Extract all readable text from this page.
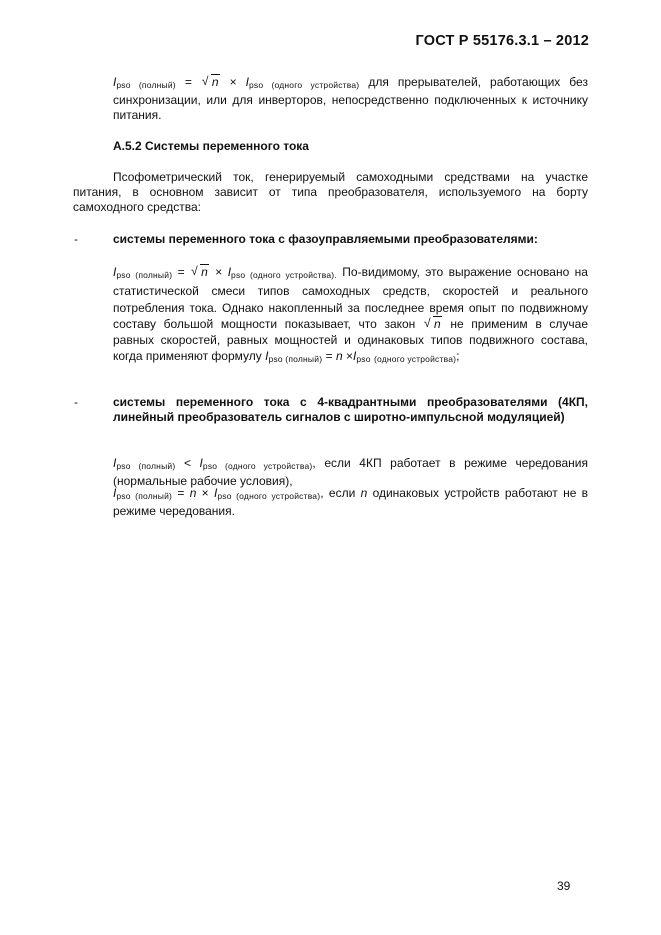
ГОСТ Р 55176.3.1 – 2012

$I_{pso (полный)}$ = √ $n \times I_{pso (одного устройства)}$ для прерывателей, работающих без синхронизации, или для инверторов, непосредственно подключенных к источнику питания.

А.5.2 Системы переменного тока

Псофометрический ток, генерируемый самоходными средствами на участке питания, в основном зависит от типа преобразователя, используемого на борту самоходного средства:

-	системы переменного тока с фазоуправляемыми преобразователями:

$I_{pso (полный)}$ = √ $n \times I_{pso (одного устройства).}$ По-видимому, это выражение основано на статистической смеси типов самоходных средств, скоростей и реального потребления тока. Однако накопленный за последнее время опыт по подвижному составу большой мощности показывает, что закон √ n не применим в случае равных скоростей, равных мощностей и одинаковых типов подвижного состава, когда применяют формулу $I_{pso (полный)} = n \times I_{pso}$ $_{(одного устройства)}$;

-	системы переменного тока с 4-квадрантными преобразователями (4КП, линейный преобразователь сигналов с широтно-импульсной модуляцией)

$I_{pso (полный)} < I_{pso (одного устройства)}$, если 4КП работает в режиме чередования (нормальные рабочие условия),

$I_{pso (полный)} = n \times I_{pso (одного устройства)}$, если n одинаковых устройств работают не в режиме чередования.

39
